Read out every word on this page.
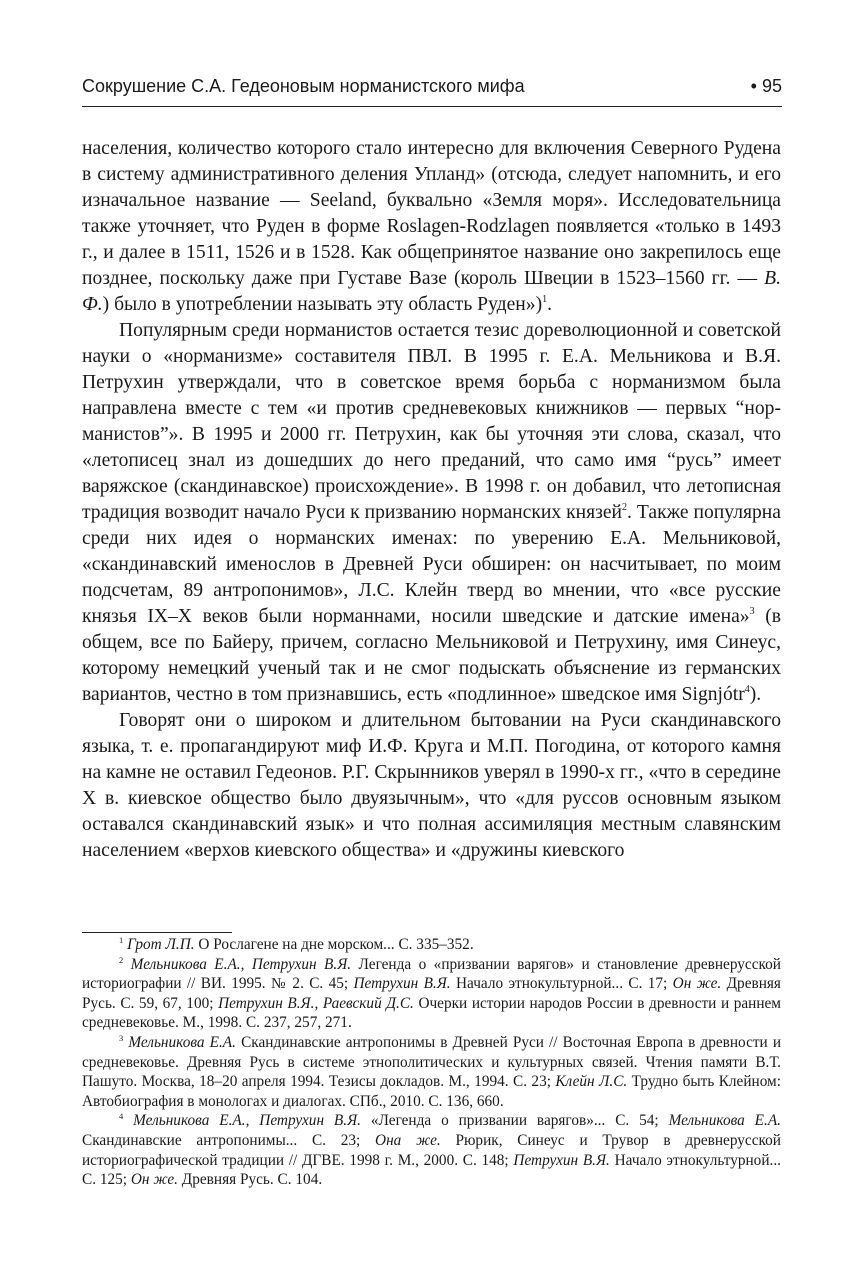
Сокрушение С.А. Гедеоновым норманистского мифа	• 95

населения, количество которого стало интересно для включения Северного Рудена в систему административного деления Упланд» (отсюда, следует напомнить, и его изначальное название — Seeland, буквально «Земля моря». Исследовательница также уточняет, что Руден в форме Roslagen-Rodzlagen появляется «только в 1493 г., и далее в 1511, 1526 и в 1528. Как общепринятое название оно закрепилось еще позднее, поскольку даже при Густаве Вазе (король Швеции в 1523–1560 гг. — В. Ф.) было в употреблении называть эту область Руден»)$^1$.

Популярным среди норманистов остается тезис дореволюционной и советской науки о «норманизме» составителя ПВЛ. В 1995 г. Е.А. Мельникова и В.Я. Петрухин утверждали, что в советское время борьба с норманизмом была направлена вместе с тем «и против средневековых книжников — первых “норманистов”». В 1995 и 2000 гг. Петрухин, как бы уточняя эти слова, сказал, что «летописец знал из дошедших до него преданий, что само имя “русь” имеет варяжское (скандинавское) происхождение». В 1998 г. он добавил, что летописная традиция возводит начало Руси к призванию норманских князей$^2$. Также популярна среди них идея о норманских именах: по уверению Е.А. Мельниковой, «скандинавский именослов в Древней Руси обширен: он насчитывает, по моим подсчетам, 89 антропонимов», Л.С. Клейн тверд во мнении, что «все русские князья IX–X веков были норманнами, носили шведские и датские имена»$^3$ (в общем, все по Байеру, причем, согласно Мельниковой и Петрухину, имя Синеус, которому немецкий ученый так и не смог подыскать объяснение из германских вариантов, честно в том признавшись, есть «подлинное» шведское имя Signjótr$^4$).

Говорят они о широком и длительном бытовании на Руси скандинавского языка, т. е. пропагандируют миф И.Ф. Круга и М.П. Погодина, от которого камня на камне не оставил Гедеонов. Р.Г. Скрынников уверял в 1990-х гг., «что в середине X в. киевское общество было двуязычным», что «для руссов основным языком оставался скандинавский язык» и что полная ассимиляция местным славянским населением «верхов киевского общества» и «дружины киевского

$^1$ Грот Л.П. О Рослагене на дне морском... С. 335–352.

$^2$ Мельникова Е.А., Петрухин В.Я. Легенда о «призвании варягов» и становление древнерусской историографии // ВИ. 1995. № 2. С. 45; Петрухин В.Я. Начало этнокультурной... С. 17; Он же. Древняя Русь. С. 59, 67, 100; Петрухин В.Я., Раевский Д.С. Очерки истории народов России в древности и раннем средневековье. М., 1998. С. 237, 257, 271.

$^3$ Мельникова Е.А. Скандинавские антропонимы в Древней Руси // Восточная Европа в древности и средневековье. Древняя Русь в системе этнополитических и культурных связей. Чтения памяти В.Т. Пашуто. Москва, 18–20 апреля 1994. Тезисы докладов. М., 1994. С. 23; Клейн Л.С. Трудно быть Клейном: Автобиография в монологах и диалогах. СПб., 2010. С. 136, 660.

$^4$ Мельникова Е.А., Петрухин В.Я. «Легенда о призвании варягов»... С. 54; Мельникова Е.А. Скандинавские антропонимы... С. 23; Она же. Рюрик, Синеус и Трувор в древнерусской историографической традиции // ДГВЕ. 1998 г. М., 2000. С. 148; Петрухин В.Я. Начало этнокультурной... С. 125; Он же. Древняя Русь. С. 104.
